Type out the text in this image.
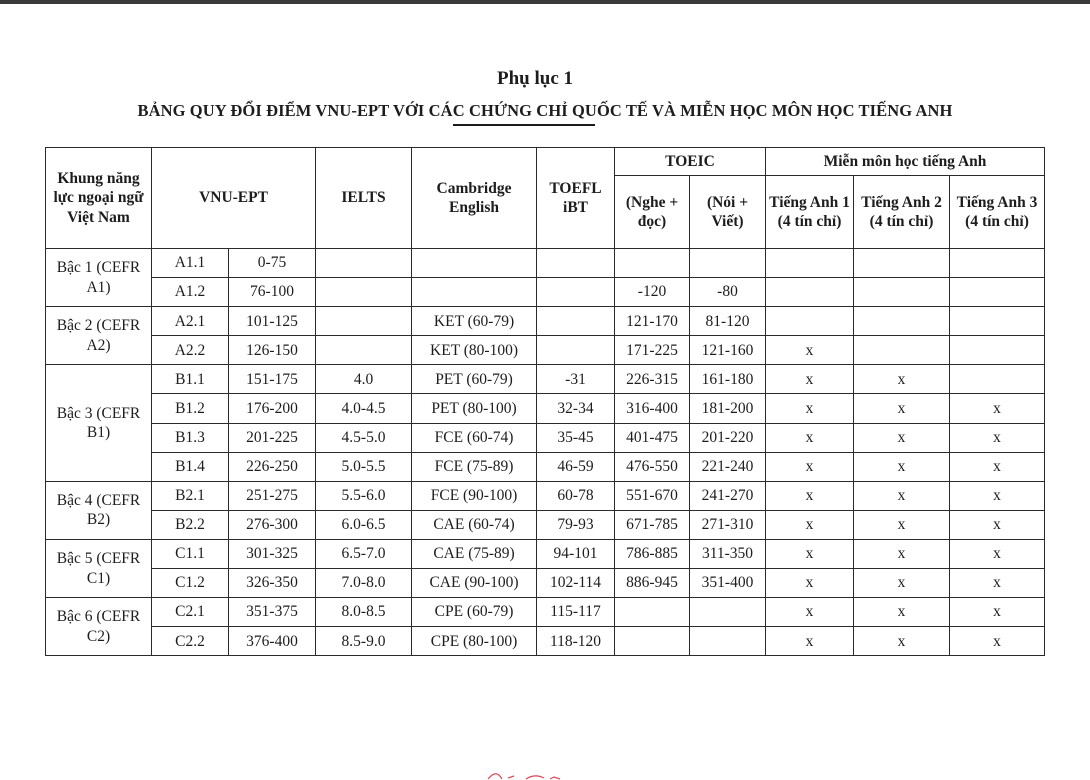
Phụ lục 1
BẢNG QUY ĐỔI ĐIỂM VNU-EPT VỚI CÁC CHỨNG CHỈ QUỐC TẾ VÀ MIỄN HỌC MÔN HỌC TIẾNG ANH
Khung năng lực ngoại ngữ Việt Nam	VNU-EPT		IELTS	Cambridge English	TOEFL iBT	TOEIC		Miễn môn học tiếng Anh		
						(Nghe + đọc)	(Nói + Viết)	Tiếng Anh 1 (4 tín chỉ)	Tiếng Anh 2 (4 tín chỉ)	Tiếng Anh 3 (4 tín chỉ)
Bậc 1 (CEFR A1)	A1.1	0-75								
	A1.2	76-100				-120	-80			
Bậc 2 (CEFR A2)	A2.1	101-125		KET (60-79)		121-170	81-120			
	A2.2	126-150		KET (80-100)		171-225	121-160	x		
Bậc 3 (CEFR B1)	B1.1	151-175	4.0	PET (60-79)	-31	226-315	161-180	x	x	
	B1.2	176-200	4.0-4.5	PET (80-100)	32-34	316-400	181-200	x	x	x
	B1.3	201-225	4.5-5.0	FCE (60-74)	35-45	401-475	201-220	x	x	x
	B1.4	226-250	5.0-5.5	FCE (75-89)	46-59	476-550	221-240	x	x	x
Bậc 4 (CEFR B2)	B2.1	251-275	5.5-6.0	FCE (90-100)	60-78	551-670	241-270	x	x	x
	B2.2	276-300	6.0-6.5	CAE (60-74)	79-93	671-785	271-310	x	x	x
Bậc 5 (CEFR C1)	C1.1	301-325	6.5-7.0	CAE (75-89)	94-101	786-885	311-350	x	x	x
	C1.2	326-350	7.0-8.0	CAE (90-100)	102-114	886-945	351-400	x	x	x
Bậc 6 (CEFR C2)	C2.1	351-375	8.0-8.5	CPE (60-79)	115-117			x	x	x
	C2.2	376-400	8.5-9.0	CPE (80-100)	118-120			x	x	x
